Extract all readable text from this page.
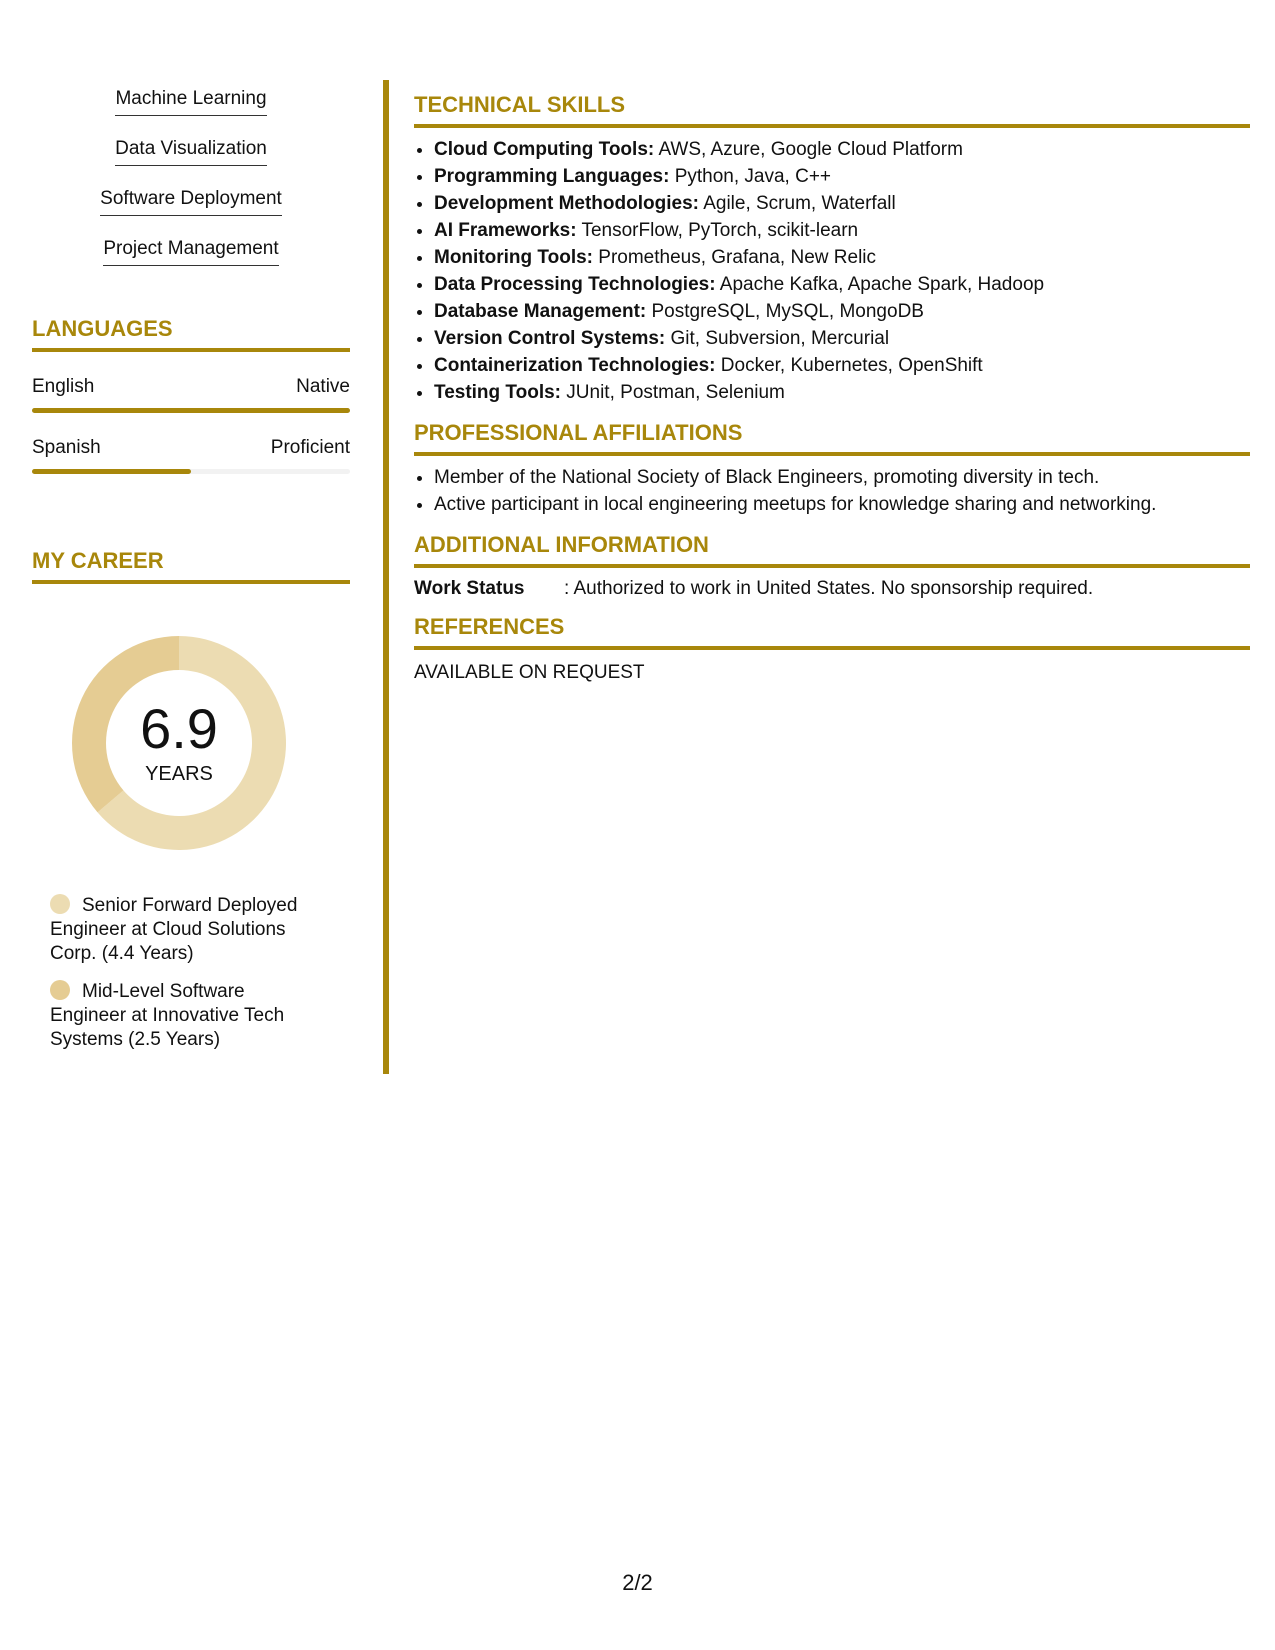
Machine Learning
Data Visualization
Software Deployment
Project Management
LANGUAGES
English	Native
Spanish	Proficient
MY CAREER
6.9
YEARS
Senior Forward Deployed Engineer at Cloud Solutions Corp. (4.4 Years)
Mid-Level Software Engineer at Innovative Tech Systems (2.5 Years)
TECHNICAL SKILLS
• Cloud Computing Tools: AWS, Azure, Google Cloud Platform
• Programming Languages: Python, Java, C++
• Development Methodologies: Agile, Scrum, Waterfall
• AI Frameworks: TensorFlow, PyTorch, scikit-learn
• Monitoring Tools: Prometheus, Grafana, New Relic
• Data Processing Technologies: Apache Kafka, Apache Spark, Hadoop
• Database Management: PostgreSQL, MySQL, MongoDB
• Version Control Systems: Git, Subversion, Mercurial
• Containerization Technologies: Docker, Kubernetes, OpenShift
• Testing Tools: JUnit, Postman, Selenium
PROFESSIONAL AFFILIATIONS
• Member of the National Society of Black Engineers, promoting diversity in tech.
• Active participant in local engineering meetups for knowledge sharing and networking.
ADDITIONAL INFORMATION
Work Status	: Authorized to work in United States. No sponsorship required.
REFERENCES
AVAILABLE ON REQUEST
2/2
